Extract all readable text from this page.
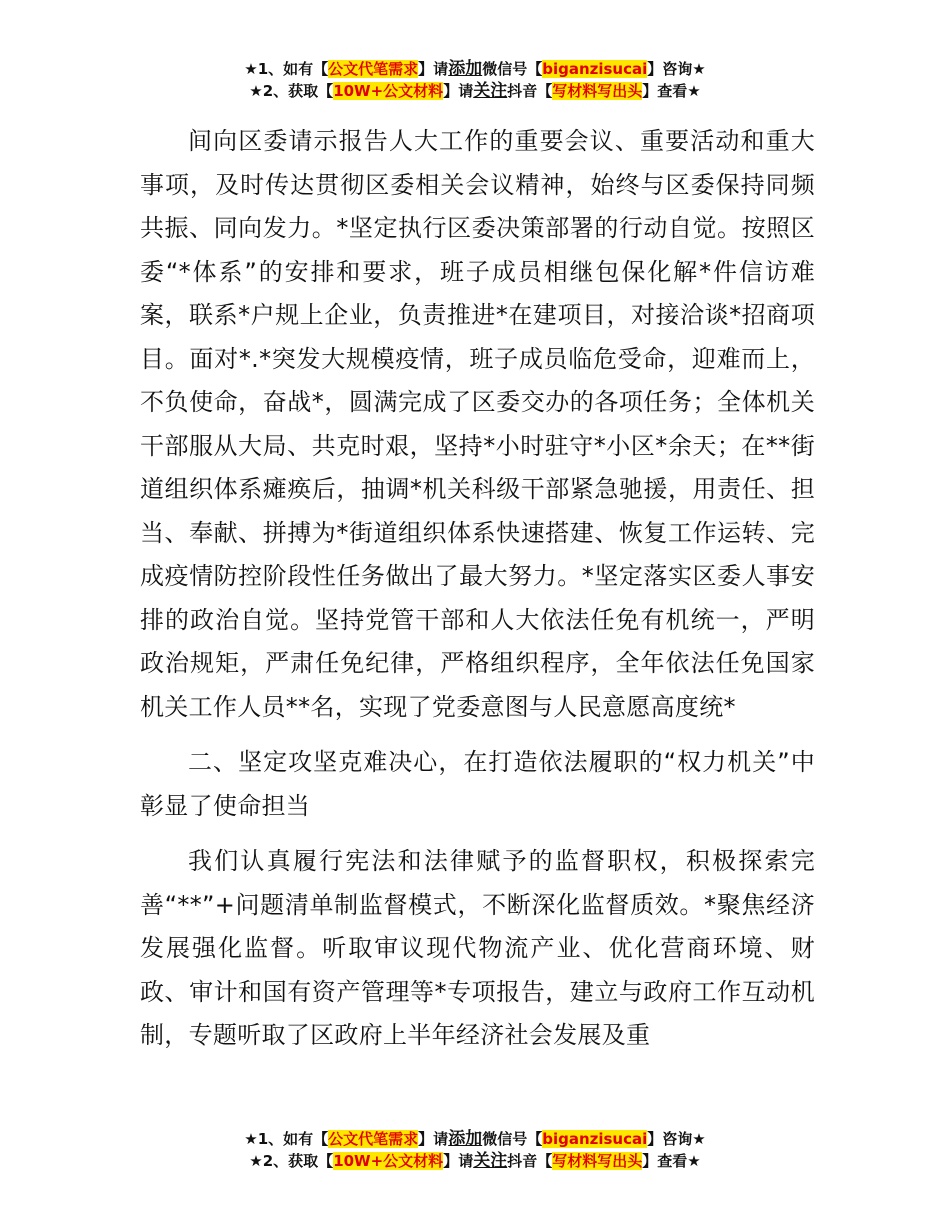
★1、如有【公文代笔需求】请添加微信号【biganzisucai】咨询★
★2、获取【10W+公文材料】请关注抖音【写材料写出头】查看★

间向区委请示报告人大工作的重要会议、重要活动和重大事项，及时传达贯彻区委相关会议精神，始终与区委保持同频共振、同向发力。*坚定执行区委决策部署的行动自觉。按照区委“*体系”的安排和要求，班子成员相继包保化解*件信访难案，联系*户规上企业，负责推进*在建项目，对接洽谈*招商项目。面对*.*突发大规模疫情，班子成员临危受命，迎难而上，不负使命，奋战*，圆满完成了区委交办的各项任务；全体机关干部服从大局、共克时艰，坚持*小时驻守*小区*余天；在**街道组织体系瘫痪后，抽调*机关科级干部紧急驰援，用责任、担当、奉献、拼搏为*街道组织体系快速搭建、恢复工作运转、完成疫情防控阶段性任务做出了最大努力。*坚定落实区委人事安排的政治自觉。坚持党管干部和人大依法任免有机统一，严明政治规矩，严肃任免纪律，严格组织程序，全年依法任免国家机关工作人员**名，实现了党委意图与人民意愿高度统*

二、坚定攻坚克难决心，在打造依法履职的“权力机关”中彰显了使命担当

我们认真履行宪法和法律赋予的监督职权，积极探索完善“**”+问题清单制监督模式，不断深化监督质效。*聚焦经济发展强化监督。听取审议现代物流产业、优化营商环境、财政、审计和国有资产管理等*专项报告，建立与政府工作互动机制，专题听取了区政府上半年经济社会发展及重

★1、如有【公文代笔需求】请添加微信号【biganzisucai】咨询★
★2、获取【10W+公文材料】请关注抖音【写材料写出头】查看★
